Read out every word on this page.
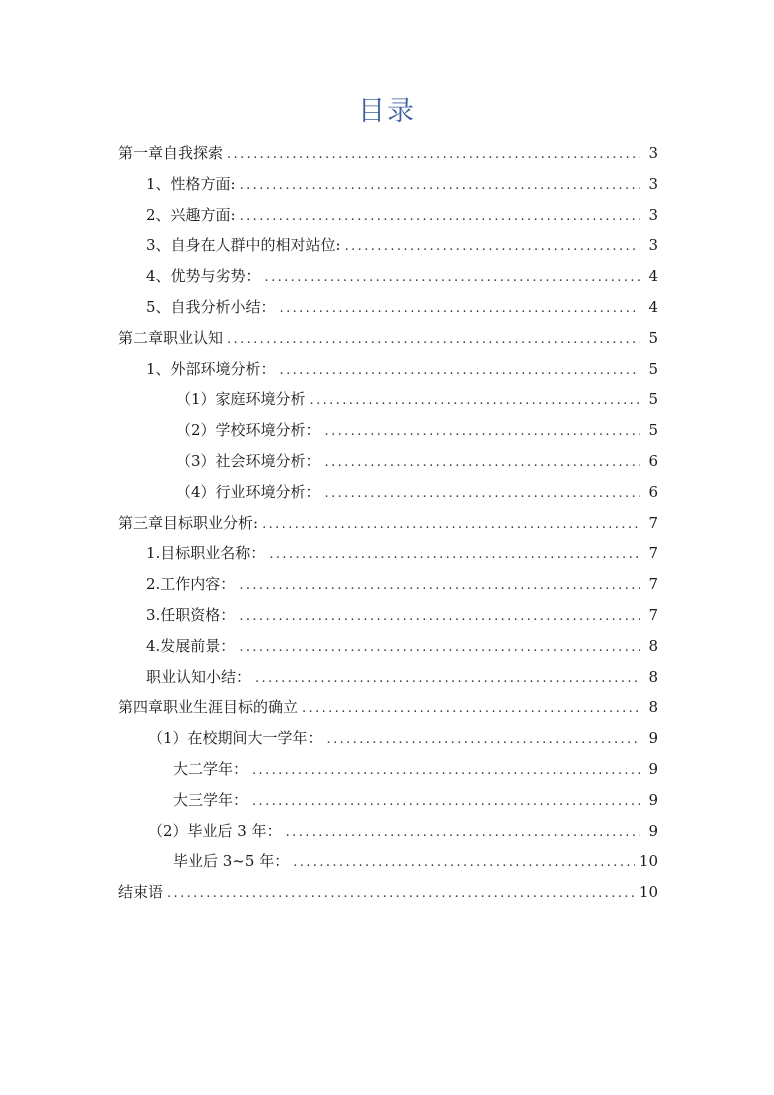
目录
第一章自我探索 .....	3
1、性格方面: .....	3
2、兴趣方面: .....	3
3、自身在人群中的相对站位: .....	3
4、优势与劣势： .....	4
5、自我分析小结： .....	4
第二章职业认知 .....	5
1、外部环境分析： .....	5
（1）家庭环境分析 .....	5
（2）学校环境分析： .....	5
（3）社会环境分析： .....	6
（4）行业环境分析： .....	6
第三章目标职业分析: .....	7
1.目标职业名称： .....	7
2.工作内容： .....	7
3.任职资格： .....	7
4.发展前景： .....	8
职业认知小结： .....	8
第四章职业生涯目标的确立 .....	8
（1）在校期间大一学年： .....	9
大二学年： .....	9
大三学年： .....	9
（2）毕业后 3 年： .....	9
毕业后 3~5 年： .....	10
结束语 .....	10
